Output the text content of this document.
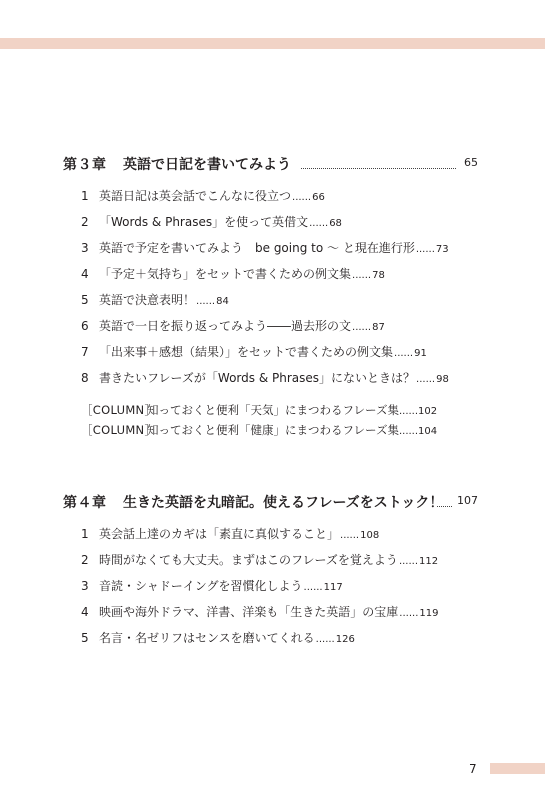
第３章 英語で日記を書いてみよう	65
1 英語日記は英会話でこんなに役立つ......66
2 「Words & Phrases」を使って英借文......68
3 英語で予定を書いてみよう　be going to ～ と現在進行形......73
4 「予定＋気持ち」をセットで書くための例文集......78
5 英語で決意表明！......84
6 英語で一日を振り返ってみよう――過去形の文......87
7 「出来事＋感想（結果）」をセットで書くための例文集......91
8 書きたいフレーズが「Words & Phrases」にないときは？......98
［COLUMN］知っておくと便利「天気」にまつわるフレーズ集......102
［COLUMN］知っておくと便利「健康」にまつわるフレーズ集......104
第４章 生きた英語を丸暗記。使えるフレーズをストック！ 107
1 英会話上達のカギは「素直に真似すること」......108
2 時間がなくても大丈夫。まずはこのフレーズを覚えよう......112
3 音読・シャドーイングを習慣化しよう......117
4 映画や海外ドラマ、洋書、洋楽も「生きた英語」の宝庫......119
5 名言・名ゼリフはセンスを磨いてくれる......126
7
